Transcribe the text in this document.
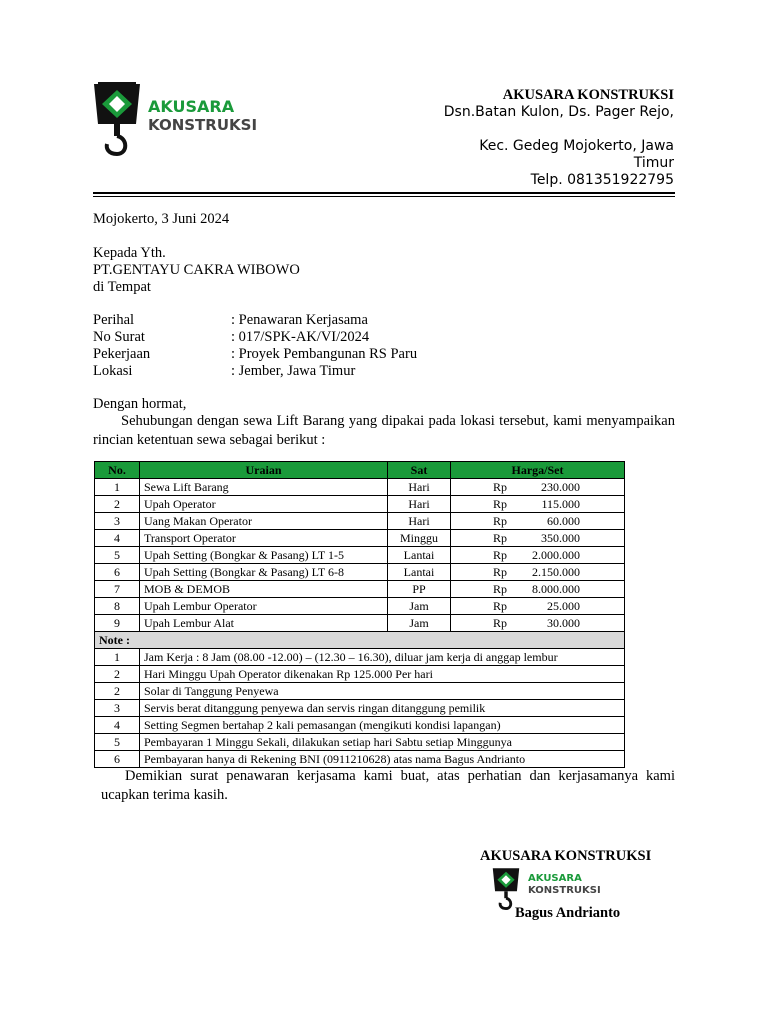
AKUSARA
KONSTRUKSI
AKUSARA KONSTRUKSI
Dsn.Batan Kulon, Ds. Pager Rejo,
Kec. Gedeg Mojokerto, Jawa
Timur
Telp. 081351922795
Mojokerto, 3 Juni 2024
Kepada Yth.
PT.GENTAYU CAKRA WIBOWO
di Tempat
Perihal	: Penawaran Kerjasama
No Surat	: 017/SPK-AK/VI/2024
Pekerjaan	: Proyek Pembangunan RS Paru
Lokasi	: Jember, Jawa Timur
Dengan hormat,
Sehubungan dengan sewa Lift Barang yang dipakai pada lokasi tersebut, kami menyampaikan rincian ketentuan sewa sebagai berikut :
No.	Uraian	Sat	Harga/Set
1	Sewa Lift Barang	Hari	Rp 230.000

2	Upah Operator	Hari	Rp 115.000

3	Uang Makan Operator	Hari	Rp 60.000

4	Transport Operator	Minggu	Rp 350.000

5	Upah Setting (Bongkar & Pasang) LT 1-5	Lantai	Rp 2.000.000

6	Upah Setting (Bongkar & Pasang) LT 6-8	Lantai	Rp 2.150.000

7	MOB & DEMOB	PP	Rp 8.000.000

8	Upah Lembur Operator	Jam	Rp 25.000

9	Upah Lembur Alat	Jam	Rp 30.000

Note :			
1	Jam Kerja : 8 Jam (08.00 -12.00) – (12.30 – 16.30), diluar jam kerja di anggap lembur		
2	Hari Minggu Upah Operator dikenakan Rp 125.000 Per hari		
2	Solar di Tanggung Penyewa		
3	Servis berat ditanggung penyewa dan servis ringan ditanggung pemilik		
4	Setting Segmen bertahap 2 kali pemasangan (mengikuti kondisi lapangan)		
5	Pembayaran 1 Minggu Sekali, dilakukan setiap hari Sabtu setiap Minggunya		
6	Pembayaran hanya di Rekening BNI (0911210628) atas nama Bagus Andrianto		
Demikian surat penawaran kerjasama kami buat, atas perhatian dan kerjasamanya kami ucapkan terima kasih.
AKUSARA KONSTRUKSI
AKUSARA
KONSTRUKSI
Bagus Andrianto
